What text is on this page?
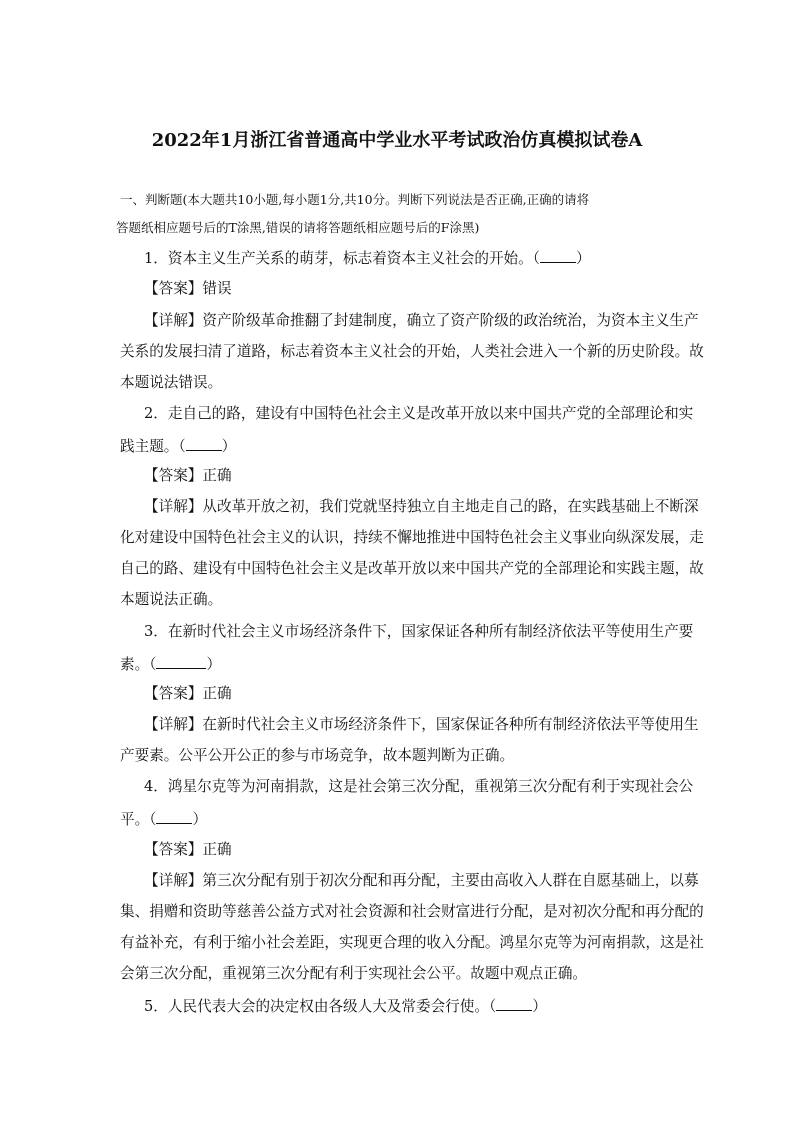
2022年1月浙江省普通高中学业水平考试政治仿真模拟试卷A
一、判断题(本大题共10小题,每小题1分,共10分。判断下列说法是否正确,正确的请将
答题纸相应题号后的T涂黑,错误的请将答题纸相应题号后的F涂黑)
1．资本主义生产关系的萌芽，标志着资本主义社会的开始。（ ）
【答案】错误
【详解】资产阶级革命推翻了封建制度，确立了资产阶级的政治统治，为资本主义生产
关系的发展扫清了道路，标志着资本主义社会的开始，人类社会进入一个新的历史阶段。故
本题说法错误。
2．走自己的路，建设有中国特色社会主义是改革开放以来中国共产党的全部理论和实
践主题。（ ）
【答案】正确
【详解】从改革开放之初，我们党就坚持独立自主地走自己的路，在实践基础上不断深
化对建设中国特色社会主义的认识，持续不懈地推进中国特色社会主义事业向纵深发展，走
自己的路、建设有中国特色社会主义是改革开放以来中国共产党的全部理论和实践主题，故
本题说法正确。
3．在新时代社会主义市场经济条件下，国家保证各种所有制经济依法平等使用生产要
素。（	）
【答案】正确
【详解】在新时代社会主义市场经济条件下，国家保证各种所有制经济依法平等使用生
产要素。公平公开公正的参与市场竞争，故本题判断为正确。
4．鸿星尔克等为河南捐款，这是社会第三次分配，重视第三次分配有利于实现社会公
平。（ ）
【答案】正确
【详解】第三次分配有别于初次分配和再分配，主要由高收入人群在自愿基础上，以募
集、捐赠和资助等慈善公益方式对社会资源和社会财富进行分配，是对初次分配和再分配的
有益补充，有利于缩小社会差距，实现更合理的收入分配。鸿星尔克等为河南捐款，这是社
会第三次分配，重视第三次分配有利于实现社会公平。故题中观点正确。
5．人民代表大会的决定权由各级人大及常委会行使。（ ）
